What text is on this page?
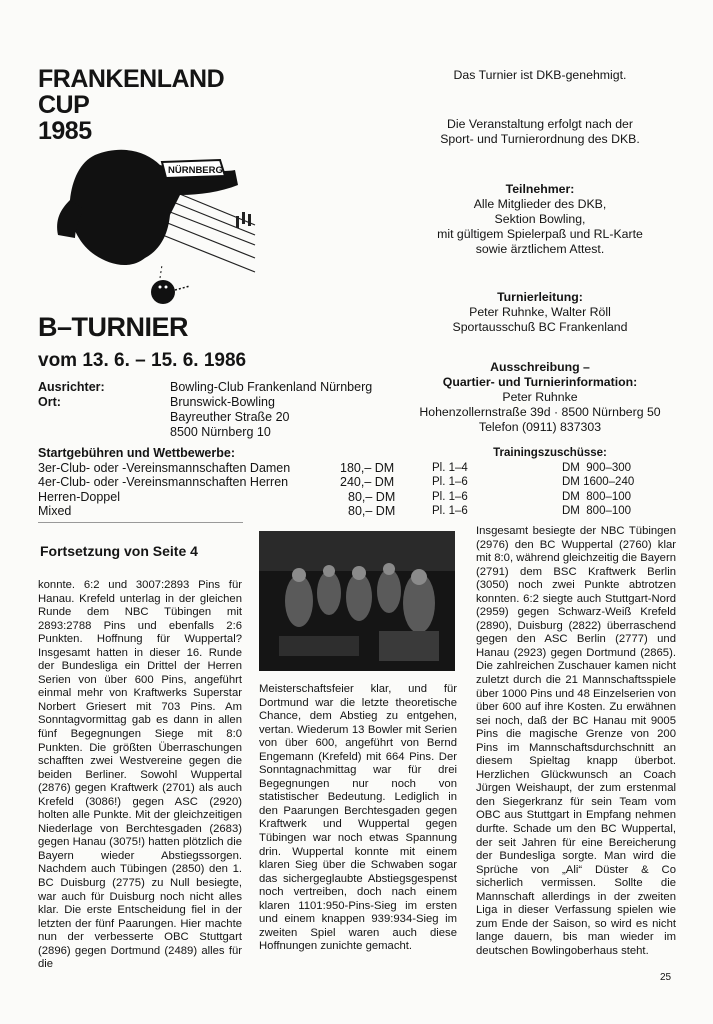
FRANKENLAND
CUP
1985
NÜRNBERG
B–TURNIER
vom 13. 6. – 15. 6. 1986
Das Turnier ist DKB-genehmigt.
Die Veranstaltung erfolgt nach der
Sport- und Turnierordnung des DKB.
Teilnehmer:
Alle Mitglieder des DKB,
Sektion Bowling,
mit gültigem Spielerpaß und RL-Karte
sowie ärztlichem Attest.
Turnierleitung:
Peter Ruhnke, Walter Röll
Sportausschuß BC Frankenland
Ausschreibung –
Quartier- und Turnierinformation:
Peter Ruhnke
Hohenzollernstraße 39d · 8500 Nürnberg 50
Telefon (0911) 837303
Ausrichter:	Bowling-Club Frankenland Nürnberg
Ort:	Brunswick-Bowling
Bayreuther Straße 20
8500 Nürnberg 10
Startgebühren und Wettbewerbe:
3er-Club- oder -Vereinsmannschaften Damen	180,– DM
4er-Club- oder -Vereinsmannschaften Herren	240,– DM
Herren-Doppel	80,– DM
Mixed	80,– DM
Trainingszuschüsse:
Pl. 1–4	DM  900–300
Pl. 1–6	DM 1600–240
Pl. 1–6	DM  800–100
Pl. 1–6	DM  800–100
Fortsetzung von Seite 4

konnte. 6:2 und 3007:2893 Pins für Hanau. Krefeld unterlag in der gleichen Runde dem NBC Tübingen mit 2893:2788 Pins und ebenfalls 2:6 Punkten. Hoffnung für Wuppertal? Insgesamt hatten in dieser 16. Runde der Bundesliga ein Drittel der Herren Serien von über 600 Pins, angeführt einmal mehr von Kraftwerks Superstar Norbert Griesert mit 703 Pins. Am Sonntagvormittag gab es dann in allen fünf Begegnungen Siege mit 8:0 Punkten. Die größten Überraschungen schafften zwei Westvereine gegen die beiden Berliner. Sowohl Wuppertal (2876) gegen Kraftwerk (2701) als auch Krefeld (3086!) gegen ASC (2920) holten alle Punkte. Mit der gleichzeitigen Niederlage von Berchtesgaden (2683) gegen Hanau (3075!) hatten plötzlich die Bayern wieder Abstiegssorgen. Nachdem auch Tübingen (2850) den 1. BC Duisburg (2775) zu Null besiegte, war auch für Duisburg noch nicht alles klar. Die erste Entscheidung fiel in der letzten der fünf Paarungen. Hier machte nun der verbesserte OBC Stuttgart (2896) gegen Dortmund (2489) alles für die

Meisterschaftsfeier klar, und für Dortmund war die letzte theoretische Chance, dem Abstieg zu entgehen, vertan. Wiederum 13 Bowler mit Serien von über 600, angeführt von Bernd Engemann (Krefeld) mit 664 Pins. Der Sonntagnachmittag war für drei Begegnungen nur noch von statistischer Bedeutung. Lediglich in den Paarungen Berchtesgaden gegen Kraftwerk und Wuppertal gegen Tübingen war noch etwas Spannung drin. Wuppertal konnte mit einem klaren Sieg über die Schwaben sogar das sichergeglaubte Abstiegsgespenst noch vertreiben, doch nach einem klaren 1101:950-Pins-Sieg im ersten und einem knappen 939:934-Sieg im zweiten Spiel waren auch diese Hoffnungen zunichte gemacht.

Insgesamt besiegte der NBC Tübingen (2976) den BC Wuppertal (2760) klar mit 8:0, während gleichzeitig die Bayern (2791) dem BSC Kraftwerk Berlin (3050) noch zwei Punkte abtrotzen konnten. 6:2 siegte auch Stuttgart-Nord (2959) gegen Schwarz-Weiß Krefeld (2890), Duisburg (2822) überraschend gegen den ASC Berlin (2777) und Hanau (2923) gegen Dortmund (2865). Die zahlreichen Zuschauer kamen nicht zuletzt durch die 21 Mannschaftsspiele über 1000 Pins und 48 Einzelserien von über 600 auf ihre Kosten. Zu erwähnen sei noch, daß der BC Hanau mit 9005 Pins die magische Grenze von 200 Pins im Mannschaftsdurchschnitt an diesem Spieltag knapp überbot. Herzlichen Glückwunsch an Coach Jürgen Weishaupt, der zum erstenmal den Siegerkranz für sein Team vom OBC aus Stuttgart in Empfang nehmen durfte. Schade um den BC Wuppertal, der seit Jahren für eine Bereicherung der Bundesliga sorgte. Man wird die Sprüche von „Ali“ Düster & Co sicherlich vermissen. Sollte die Mannschaft allerdings in der zweiten Liga in dieser Verfassung spielen wie zum Ende der Saison, so wird es nicht lange dauern, bis man wieder im deutschen Bowlingoberhaus steht.

25
